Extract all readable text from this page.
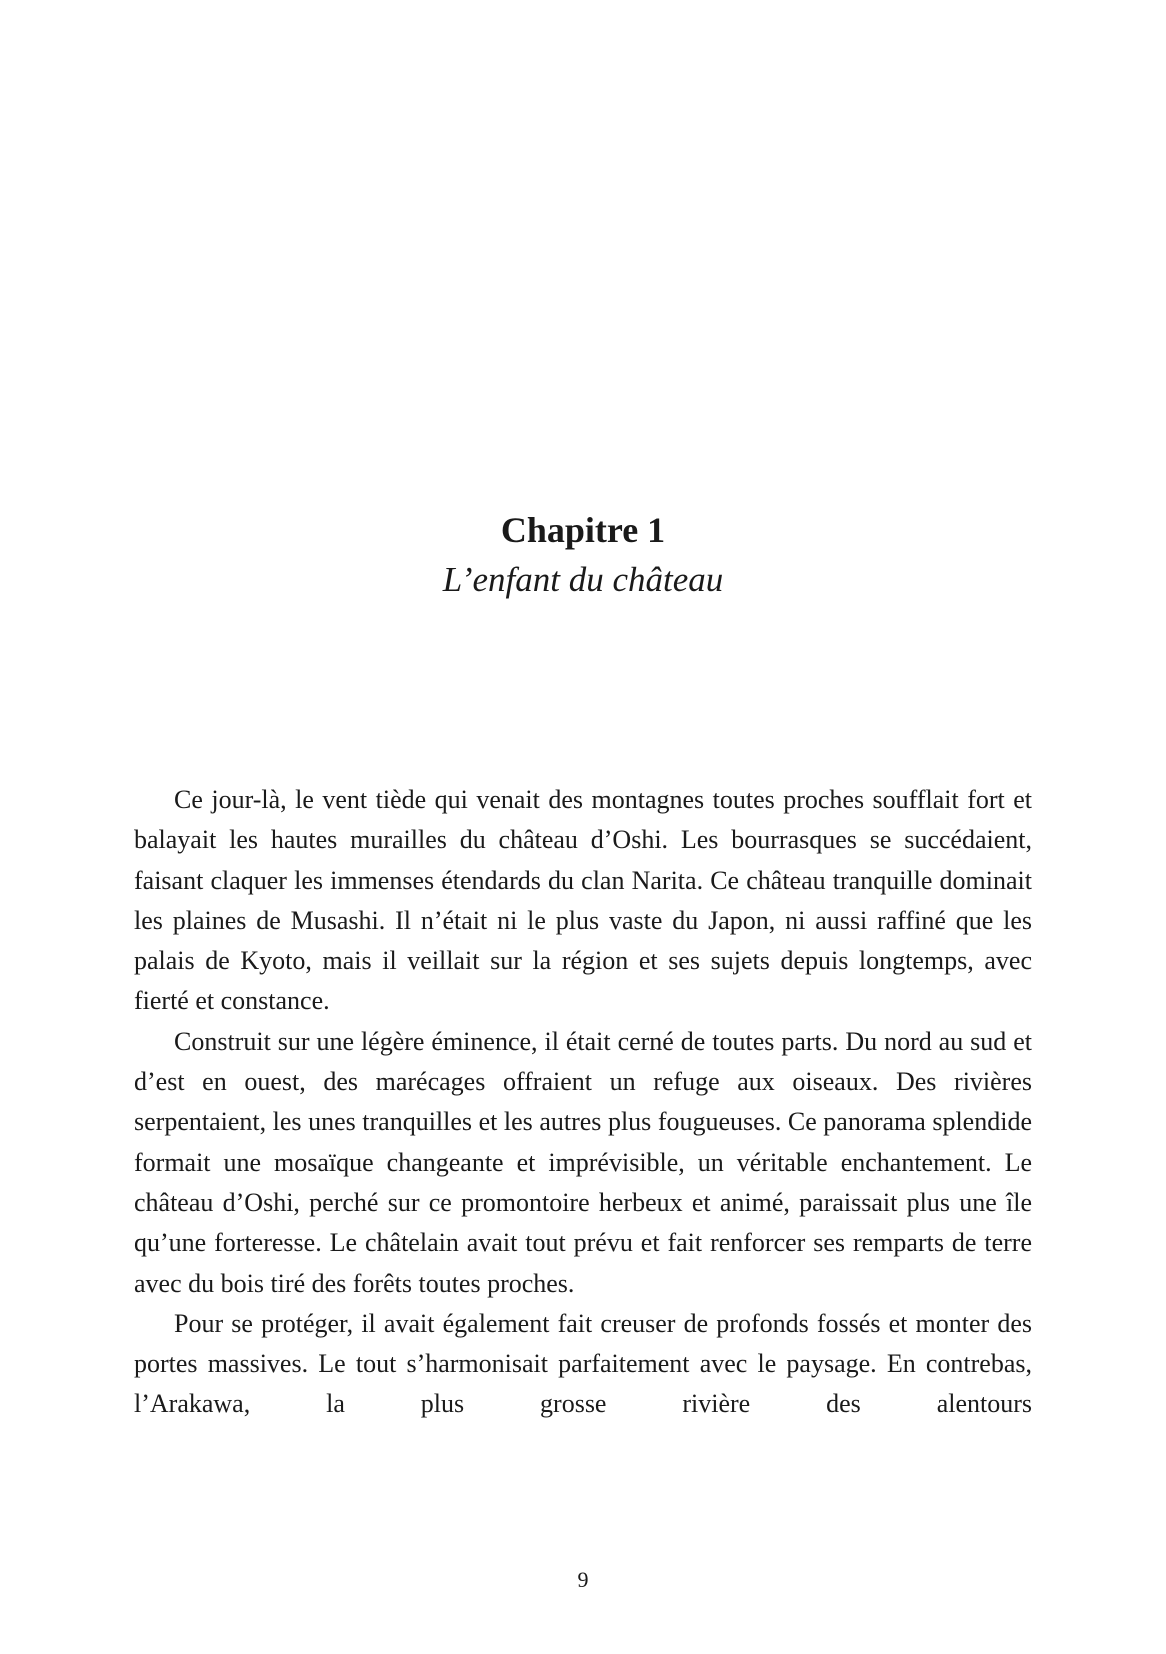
Chapitre 1
L’enfant du château

Ce jour-là, le vent tiède qui venait des montagnes toutes proches soufflait fort et balayait les hautes murailles du château d’Oshi. Les bourrasques se succédaient, faisant claquer les immenses étendards du clan Narita. Ce château tranquille dominait les plaines de Musashi. Il n’était ni le plus vaste du Japon, ni aussi raffiné que les palais de Kyoto, mais il veillait sur la région et ses sujets depuis longtemps, avec fierté et constance.

Construit sur une légère éminence, il était cerné de toutes parts. Du nord au sud et d’est en ouest, des marécages offraient un refuge aux oiseaux. Des rivières serpentaient, les unes tranquilles et les autres plus fougueuses. Ce panorama splendide formait une mosaïque changeante et imprévisible, un véritable enchantement. Le château d’Oshi, perché sur ce promontoire herbeux et animé, paraissait plus une île qu’une forteresse. Le châtelain avait tout prévu et fait renforcer ses remparts de terre avec du bois tiré des forêts toutes proches.

Pour se protéger, il avait également fait creuser de profonds fossés et monter des portes massives. Le tout s’harmonisait parfaitement avec le paysage. En contrebas, l’Arakawa, la plus grosse rivière des alentours

9
